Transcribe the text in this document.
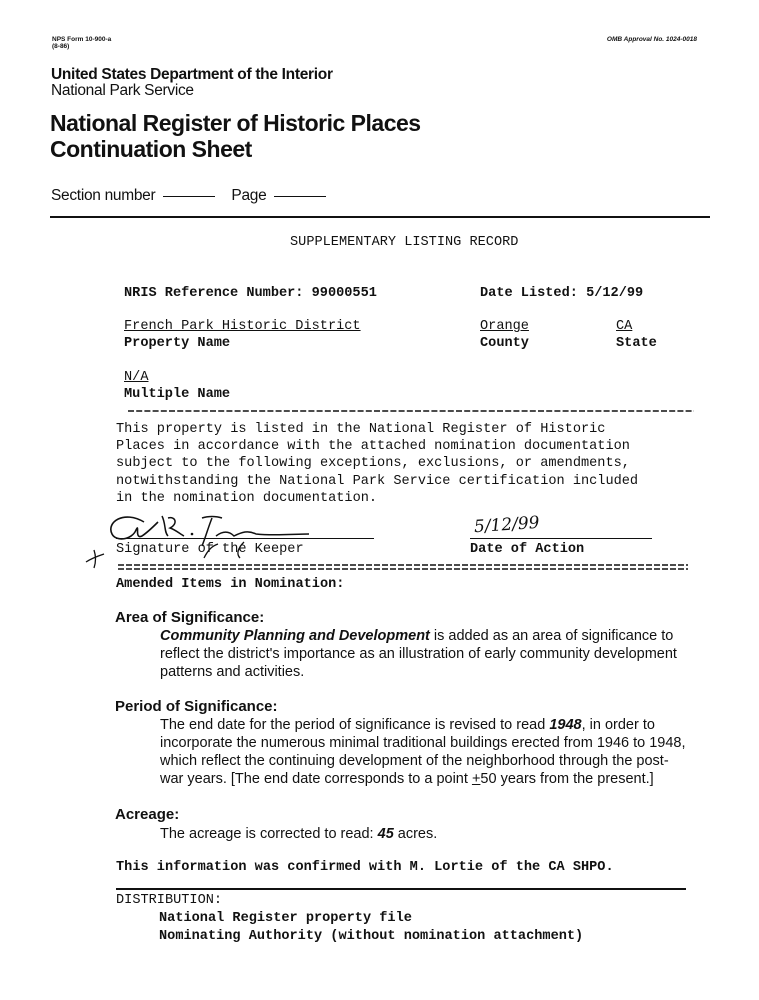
NPS Form 10-900-a
(8-86)
OMB Approval No. 1024-0018
United States Department of the Interior
National Park Service
National Register of Historic Places
Continuation Sheet
Section number	Page
SUPPLEMENTARY LISTING RECORD
NRIS Reference Number: 99000551	Date Listed: 5/12/99
French Park Historic District	Orange	CA
Property Name	County	State
N/A
Multiple Name
This property is listed in the National Register of Historic
Places in accordance with the attached nomination documentation
subject to the following exceptions, exclusions, or amendments,
notwithstanding the National Park Service certification included
in the nomination documentation.
Signature of the Keeper
5/12/99
Date of Action
Amended Items in Nomination:
Area of Significance:
Community Planning and Development is added as an area of significance to
reflect the district's importance as an illustration of early community development
patterns and activities.
Period of Significance:
The end date for the period of significance is revised to read 1948, in order to
incorporate the numerous minimal traditional buildings erected from 1946 to 1948,
which reflect the continuing development of the neighborhood through the post-
war years. [The end date corresponds to a point +50 years from the present.]
Acreage:
The acreage is corrected to read: 45 acres.
This information was confirmed with M. Lortie of the CA SHPO.
DISTRIBUTION:
National Register property file
Nominating Authority (without nomination attachment)
